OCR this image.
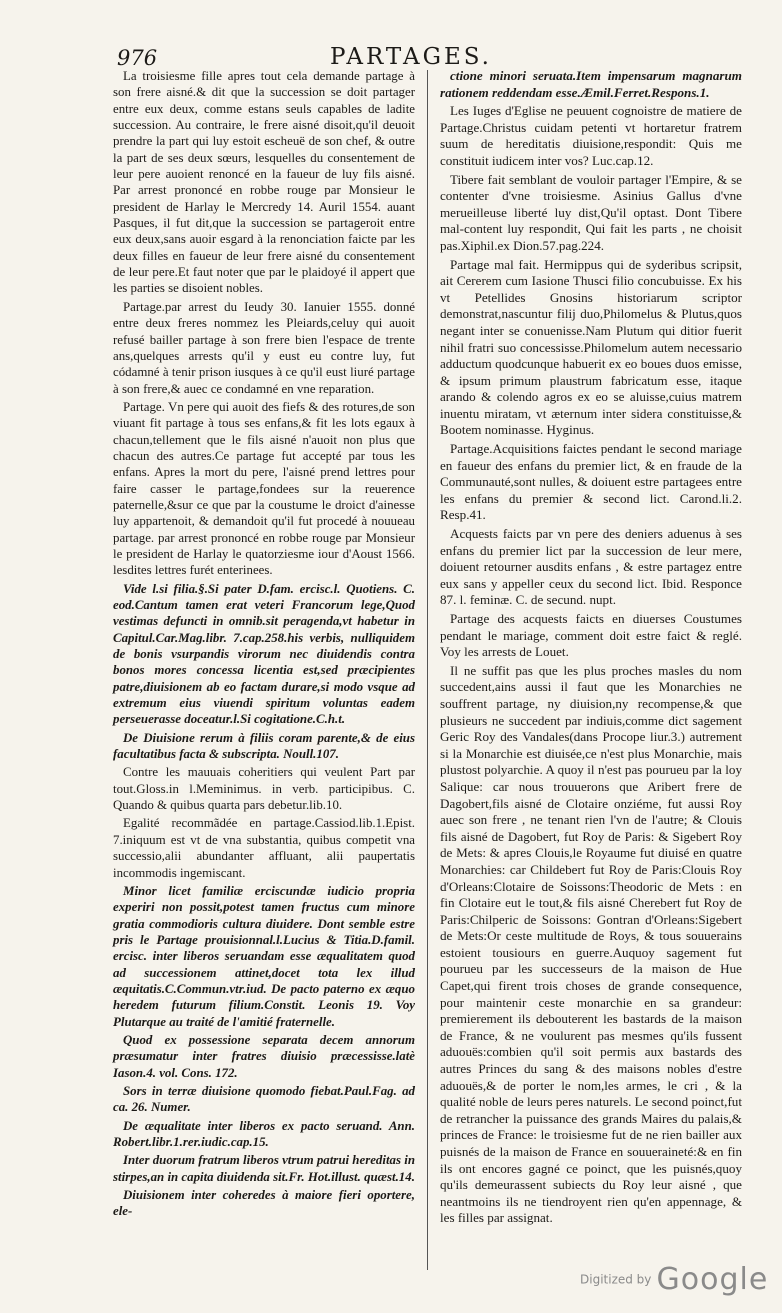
976	PARTAGES.

La troisiesme fille apres tout cela demande partage à son frere aisné.& dit que la succession se doit partager entre eux deux, comme estans seuls capables de ladite succession. Au contraire, le frere aisné disoit,qu'il deuoit prendre la part qui luy estoit escheuë de son chef, & outre la part de ses deux sœurs, lesquelles du consentement de leur pere auoient renoncé en la faueur de luy fils aisné. Par arrest prononcé en robbe rouge par Monsieur le president de Harlay le Mercredy 14. Auril 1554. auant Pasques, il fut dit,que la succession se partageroit entre eux deux,sans auoir esgard à la renonciation faicte par les deux filles en faueur de leur frere aisné du consentement de leur pere.Et faut noter que par le plaidoyé il appert que les parties se disoient nobles.

Partage.par arrest du Ieudy 30. Ianuier 1555. donné entre deux freres nommez les Pleiards,celuy qui auoit refusé bailler partage à son frere bien l'espace de trente ans,quelques arrests qu'il y eust eu contre luy, fut códamné à tenir prison iusques à ce qu'il eust liuré partage à son frere,& auec ce condamné en vne reparation.

Partage. Vn pere qui auoit des fiefs & des rotures,de son viuant fit partage à tous ses enfans,& fit les lots egaux à chacun,tellement que le fils aisné n'auoit non plus que chacun des autres.Ce partage fut accepté par tous les enfans. Apres la mort du pere, l'aisné prend lettres pour faire casser le partage,fondees sur la reuerence paternelle,&sur ce que par la coustume le droict d'ainesse luy appartenoit, & demandoit qu'il fut procedé à nouueau partage. par arrest prononcé en robbe rouge par Monsieur le president de Harlay le quatorziesme iour d'Aoust 1566. lesdites lettres furét enterinees.

Vide l.si filia.§.Si pater D.fam. ercisc.l. Quotiens. C. eod.Cantum tamen erat veteri Francorum lege,Quod vestimas defuncti in omnib.sit peragenda,vt habetur in Capitul.Car.Mag.libr. 7.cap.258.his verbis, nulliquidem de bonis vsurpandis virorum nec diuidendis contra bonos mores concessa licentia est,sed præcipientes patre,diuisionem ab eo factam durare,si modo vsque ad extremum eius viuendi spiritum voluntas eadem perseuerasse doceatur.l.Si cogitatione.C.h.t.

De Diuisione rerum à filiis coram parente,& de eius facultatibus facta & subscripta. Noull.107.

Contre les mauuais coheritiers qui veulent Part par tout.Gloss.in l.Meminimus. in verb. participibus. C. Quando & quibus quarta pars debetur.lib.10.

Egalité recommãdée en partage.Cassiod.lib.1.Epist. 7.iniquum est vt de vna substantia, quibus competit vna successio,alii abundanter affluant, alii paupertatis incommodis ingemiscant.

Minor licet familiæ erciscundæ iudicio propria experiri non possit,potest tamen fructus cum minore gratia commodioris cultura diuidere. Dont semble estre pris le Partage prouisionnal.l.Lucius & Titia.D.famil. ercisc. inter liberos seruandam esse æqualitatem quod ad successionem attinet,docet tota lex illud æquitatis.C.Commun.vtr.iud. De pacto paterno ex æquo heredem futurum filium.Constit. Leonis 19. Voy Plutarque au traité de l'amitié fraternelle.

Quod ex possessione separata decem annorum præsumatur inter fratres diuisio præcessisse.latè Iason.4. vol. Cons. 172.

Sors in terræ diuisione quomodo fiebat.Paul.Fag. ad ca. 26. Numer.

De æqualitate inter liberos ex pacto seruand. Ann. Robert.libr.1.rer.iudic.cap.15.

Inter duorum fratrum liberos vtrum patrui hereditas in stirpes,an in capita diuidenda sit.Fr. Hot.illust. quæst.14.

Diuisionem inter coheredes à maiore fieri oportere, ele-

ctione minori seruata.Item impensarum magnarum rationem reddendam esse.Æmil.Ferret.Respons.1.

Les Iuges d'Eglise ne peuuent cognoistre de matiere de Partage.Christus cuidam petenti vt hortaretur fratrem suum de hereditatis diuisione,respondit: Quis me constituit iudicem inter vos? Luc.cap.12.

Tibere fait semblant de vouloir partager l'Empire, & se contenter d'vne troisiesme. Asinius Gallus d'vne merueilleuse liberté luy dist,Qu'il optast. Dont Tibere mal-content luy respondit, Qui fait les parts , ne choisit pas.Xiphil.ex Dion.57.pag.224.

Partage mal fait. Hermippus qui de syderibus scripsit, ait Cererem cum Iasione Thusci filio concubuisse. Ex his vt Petellides Gnosins historiarum scriptor demonstrat,nascuntur filij duo,Philomelus & Plutus,quos negant inter se conuenisse.Nam Plutum qui ditior fuerit nihil fratri suo concessisse.Philomelum autem necessario adductum quodcunque habuerit ex eo boues duos emisse, & ipsum primum plaustrum fabricatum esse, itaque arando & colendo agros ex eo se aluisse,cuius matrem inuentu miratam, vt æternum inter sidera constituisse,& Bootem nominasse. Hyginus.

Partage.Acquisitions faictes pendant le second mariage en faueur des enfans du premier lict, & en fraude de la Communauté,sont nulles, & doiuent estre partagees entre les enfans du premier & second lict. Carond.li.2. Resp.41.

Acquests faicts par vn pere des deniers aduenus à ses enfans du premier lict par la succession de leur mere, doiuent retourner ausdits enfans , & estre partagez entre eux sans y appeller ceux du second lict. Ibid. Responce 87. l. feminæ. C. de secund. nupt.

Partage des acquests faicts en diuerses Coustumes pendant le mariage, comment doit estre faict & reglé. Voy les arrests de Louet.

Il ne suffit pas que les plus proches masles du nom succedent,ains aussi il faut que les Monarchies ne souffrent partage, ny diuision,ny recompense,& que plusieurs ne succedent par indiuis,comme dict sagement Geric Roy des Vandales(dans Procope liur.3.) autrement si la Monarchie est diuisée,ce n'est plus Monarchie, mais plustost polyarchie. A quoy il n'est pas pourueu par la loy Salique: car nous trouuerons que Aribert frere de Dagobert,fils aisné de Clotaire onziéme, fut aussi Roy auec son frere , ne tenant rien l'vn de l'autre; & Clouis fils aisné de Dagobert, fut Roy de Paris: & Sigebert Roy de Mets: & apres Clouis,le Royaume fut diuisé en quatre Monarchies: car Childebert fut Roy de Paris:Clouis Roy d'Orleans:Clotaire de Soissons:Theodoric de Mets : en fin Clotaire eut le tout,& fils aisné Cherebert fut Roy de Paris:Chilperic de Soissons: Gontran d'Orleans:Sigebert de Mets:Or ceste multitude de Roys, & tous souuerains estoient tousiours en guerre.Auquoy sagement fut pourueu par les successeurs de la maison de Hue Capet,qui firent trois choses de grande consequence, pour maintenir ceste monarchie en sa grandeur: premierement ils debouterent les bastards de la maison de France, & ne voulurent pas mesmes qu'ils fussent aduouës:combien qu'il soit permis aux bastards des autres Princes du sang & des maisons nobles d'estre aduouës,& de porter le nom,les armes, le cri , & la qualité noble de leurs peres naturels. Le second poinct,fut de retrancher la puissance des grands Maires du palais,& princes de France: le troisiesme fut de ne rien bailler aux puisnés de la maison de France en souueraineté:& en fin ils ont encores gagné ce poinct, que les puisnés,quoy qu'ils demeurassent subiects du Roy leur aisné , que neantmoins ils ne tiendroyent rien qu'en appennage, & les filles par assignat.

Digitized by Google
